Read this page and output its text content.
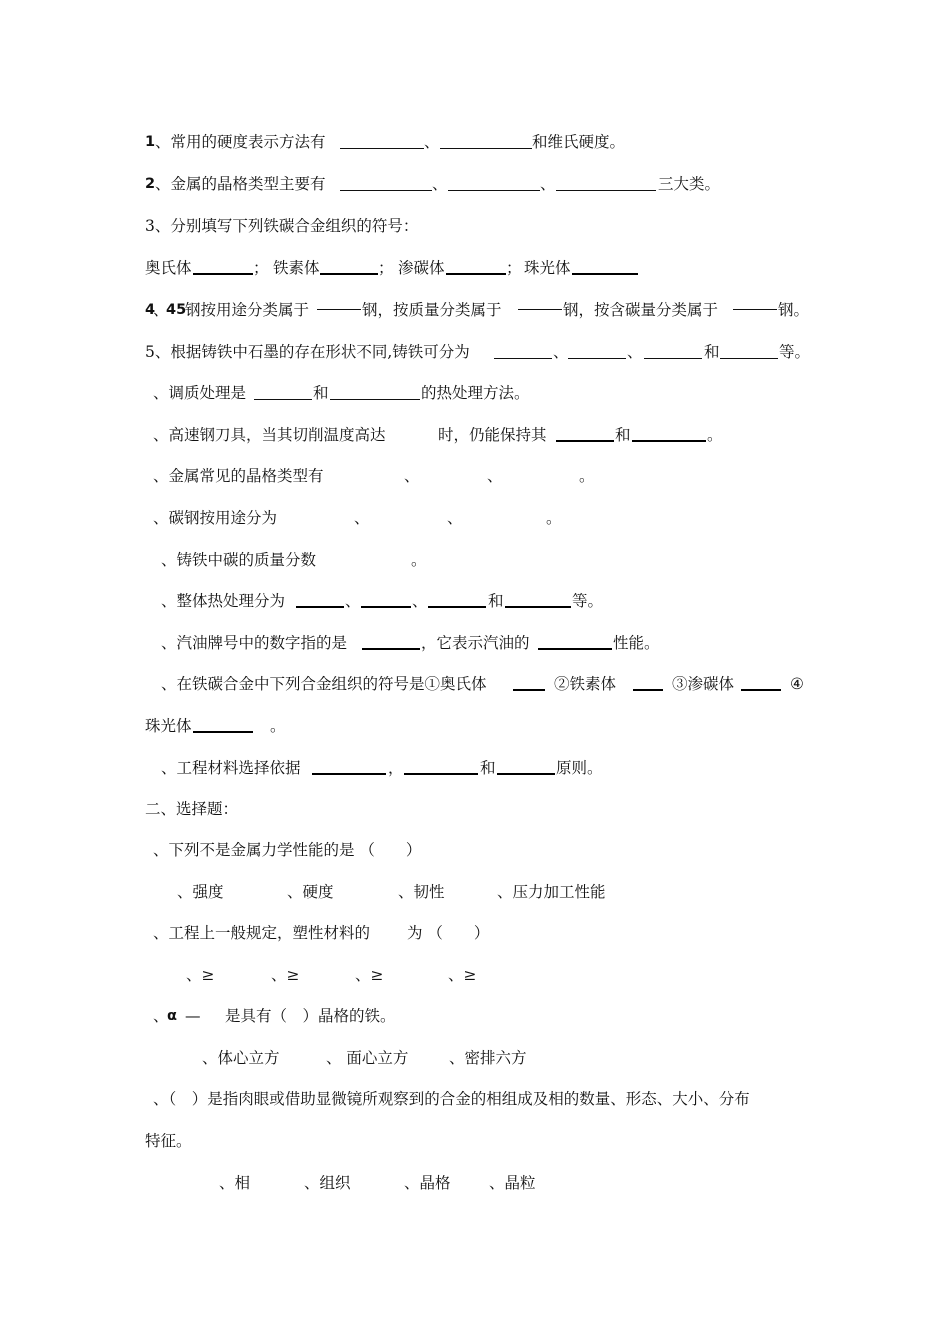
1 、常用的硬度表示方法有	、	和维氏硬度。
2 、金属的晶格类型主要有	、	、	三大类。
3、分别填写下列铁碳合金组织的符号：
奥氏体	； 铁素体	； 渗碳体	； 珠光体
4
、
45
钢按用途分类属于	钢，按质量分类属于	钢，按含碳量分类属于	钢。
5、根据铸铁中石墨的存在形状不同,铸铁可分为	、	、	和	等。
、调质处理是	和	的热处理方法。
、高速钢刀具，当其切削温度高达	时，仍能保持其	和	。
、金属常见的晶格类型有	、	、	。
、碳钢按用途分为	、	、	。
、铸铁中碳的质量分数	。
、整体热处理分为	、	、	和	等。
、汽油牌号中的数字指的是	，它表示汽油的	性能。
、在铁碳合金中下列合金组织的符号是①奥氏体	②铁素体	③渗碳体	④
珠光体	。
、工程材料选择依据	，	和	原则。
二、选择题：
、下列不是金属力学性能的是 （　　）
、强度	、硬度	、韧性	、压力加工性能
、工程上一般规定，塑性材料的 为 （　　）
、≥	、≥	、≥	、≥
、
α — 是具有（　）晶格的铁。
、体心立方	、 面心立方	、密排六方
、（　）是指肉眼或借助显微镜所观察到的合金的相组成及相的数量、形态、大小、分布
特征。
、相	、组织	、晶格 、晶粒
